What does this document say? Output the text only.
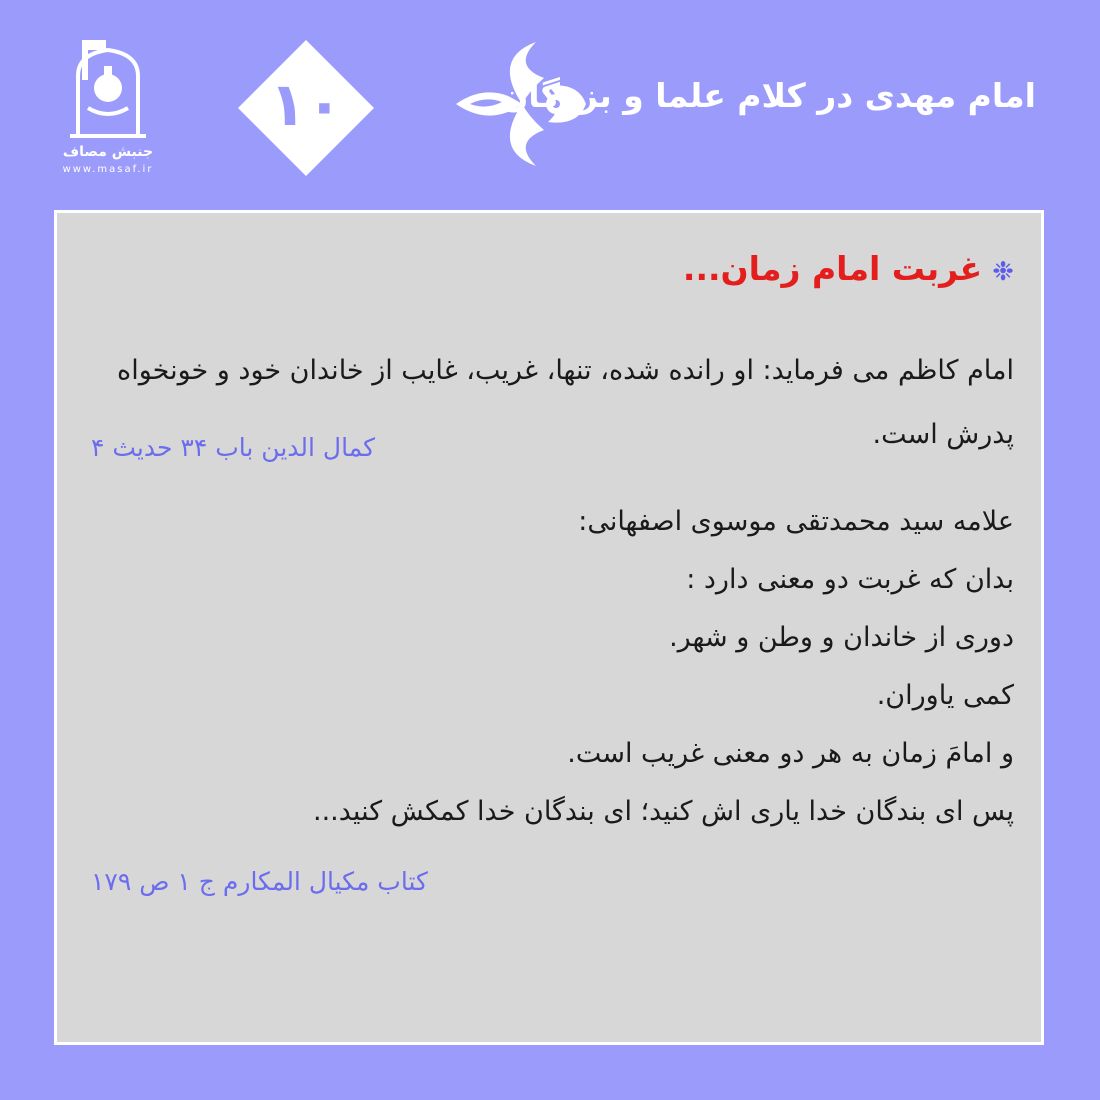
جنبش مصاف
www.masaf.ir
۱۰	امام مهدی در کلام علما و بزرگان
❉غربت امام زمان...
امام کاظم می فرماید: او رانده شده، تنها، غریب، غایب از خاندان خود و خونخواه پدرش است.
کمال الدین باب ۳۴ حدیث ۴
علامه سید محمدتقی موسوی اصفهانی:
بدان که غربت دو معنی دارد :
دوری از خاندان و وطن و شهر.
کمی یاوران.
و امامَ زمان به هر دو معنی غریب است.
پس ای بندگان خدا یاری اش کنید؛ ای بندگان خدا کمکش کنید...
کتاب مکیال المکارم ج ۱ ص ۱۷۹
